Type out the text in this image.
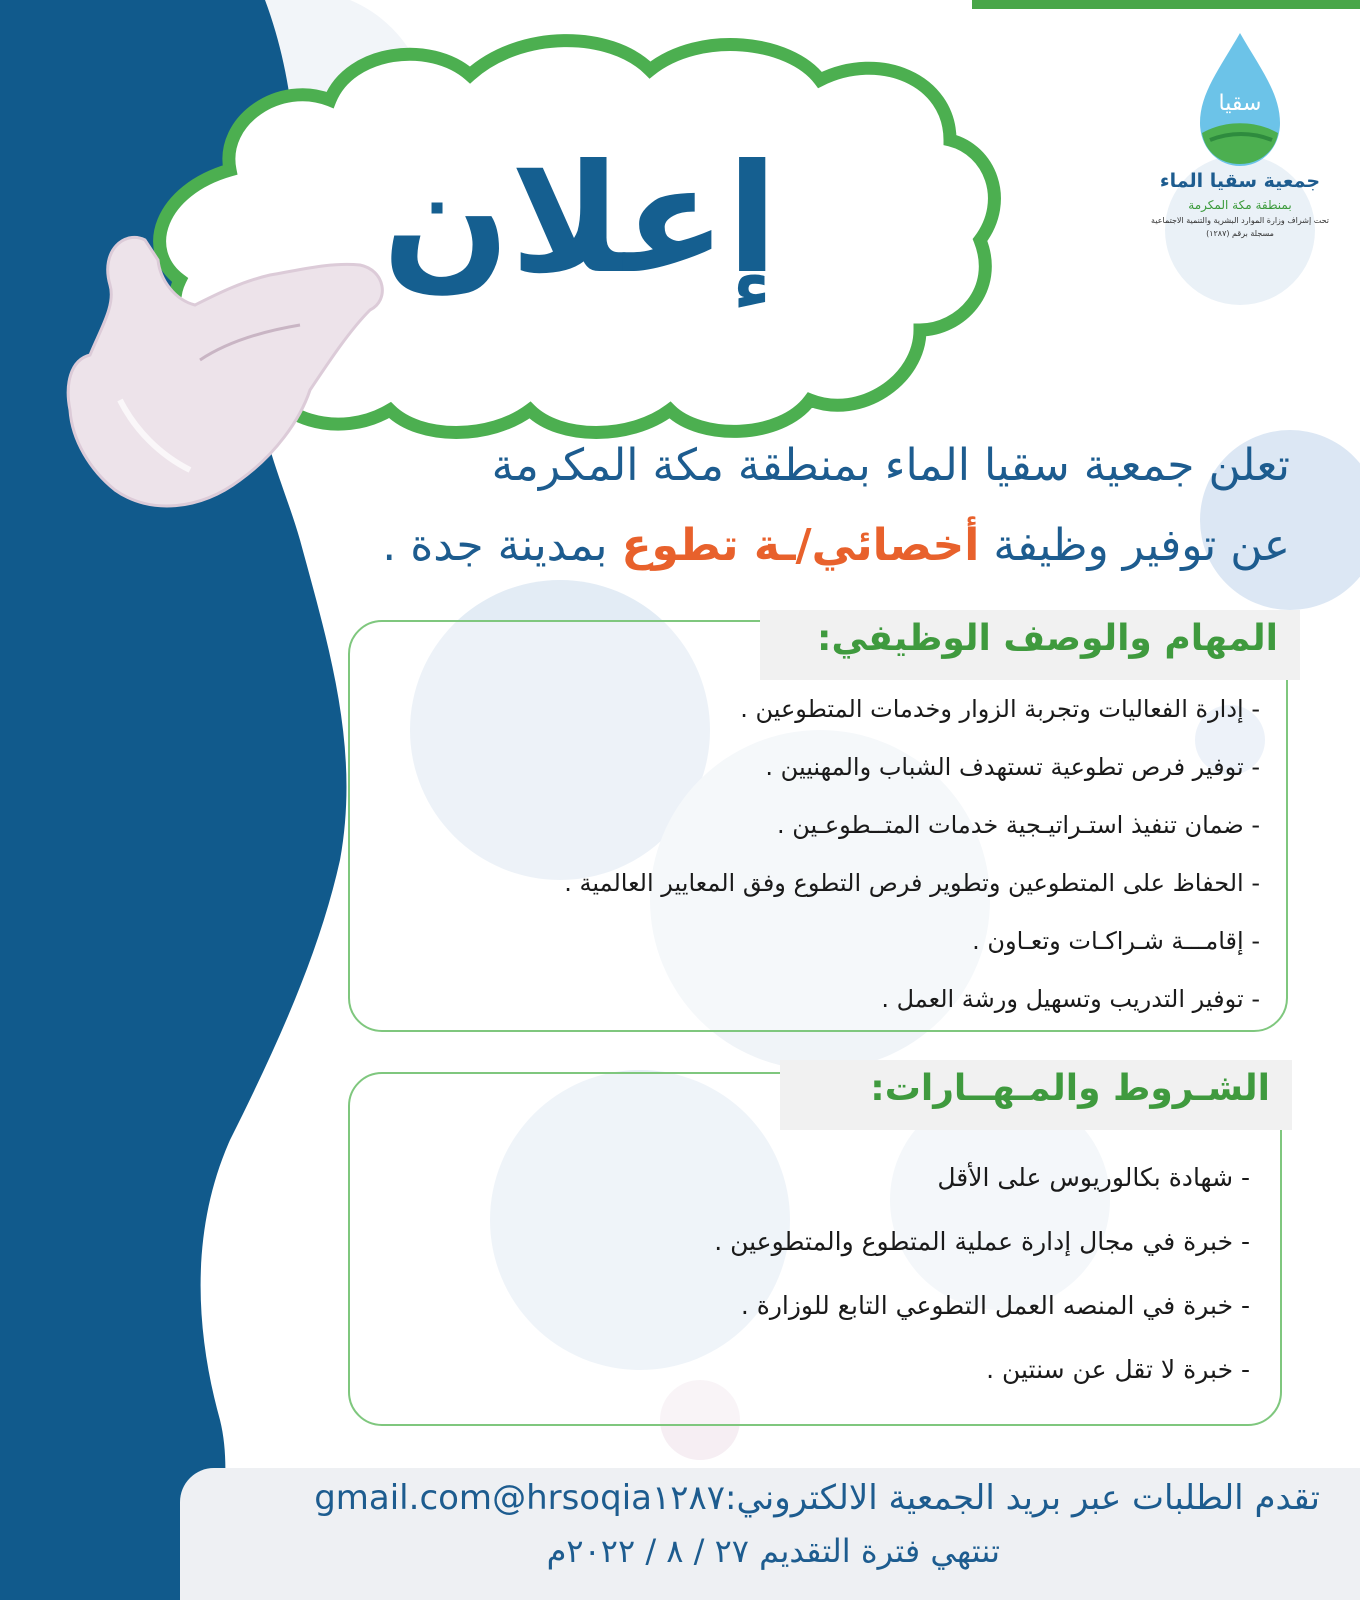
إعلان
سقيا
جمعية سقيا الماء
بمنطقة مكة المكرمة
تحت إشراف وزارة الموارد البشرية والتنمية الاجتماعية
مسجلة برقم (١٢٨٧)
تعلن جمعية سقيا الماء بمنطقة مكة المكرمة
عن توفير وظيفة أخصائي/ـة تطوع بمدينة جدة .
المهام والوصف الوظيفي:
- إدارة الفعاليات وتجربة الزوار وخدمات المتطوعين .
- توفير فرص تطوعية تستهدف الشباب والمهنيين .
- ضمان تنفيذ استـراتيـجية خدمات المتــطوعـين .
- الحفاظ على المتطوعين وتطوير فرص التطوع وفق المعايير العالمية .
- إقامـــة شـراكـات وتعـاون .
- توفير التدريب وتسهيل ورشة العمل .
الشـروط والمـهــارات:
- شهادة بكالوريوس على الأقل
- خبرة في مجال إدارة عملية المتطوع والمتطوعين .
- خبرة في المنصه العمل التطوعي التابع للوزارة .
- خبرة لا تقل عن سنتين .
تقدم الطلبات عبر بريد الجمعية الالكتروني:hrsoqia١٢٨٧@gmail.com
تنتهي فترة التقديم ٢٧ / ٨ / ٢٠٢٢م
